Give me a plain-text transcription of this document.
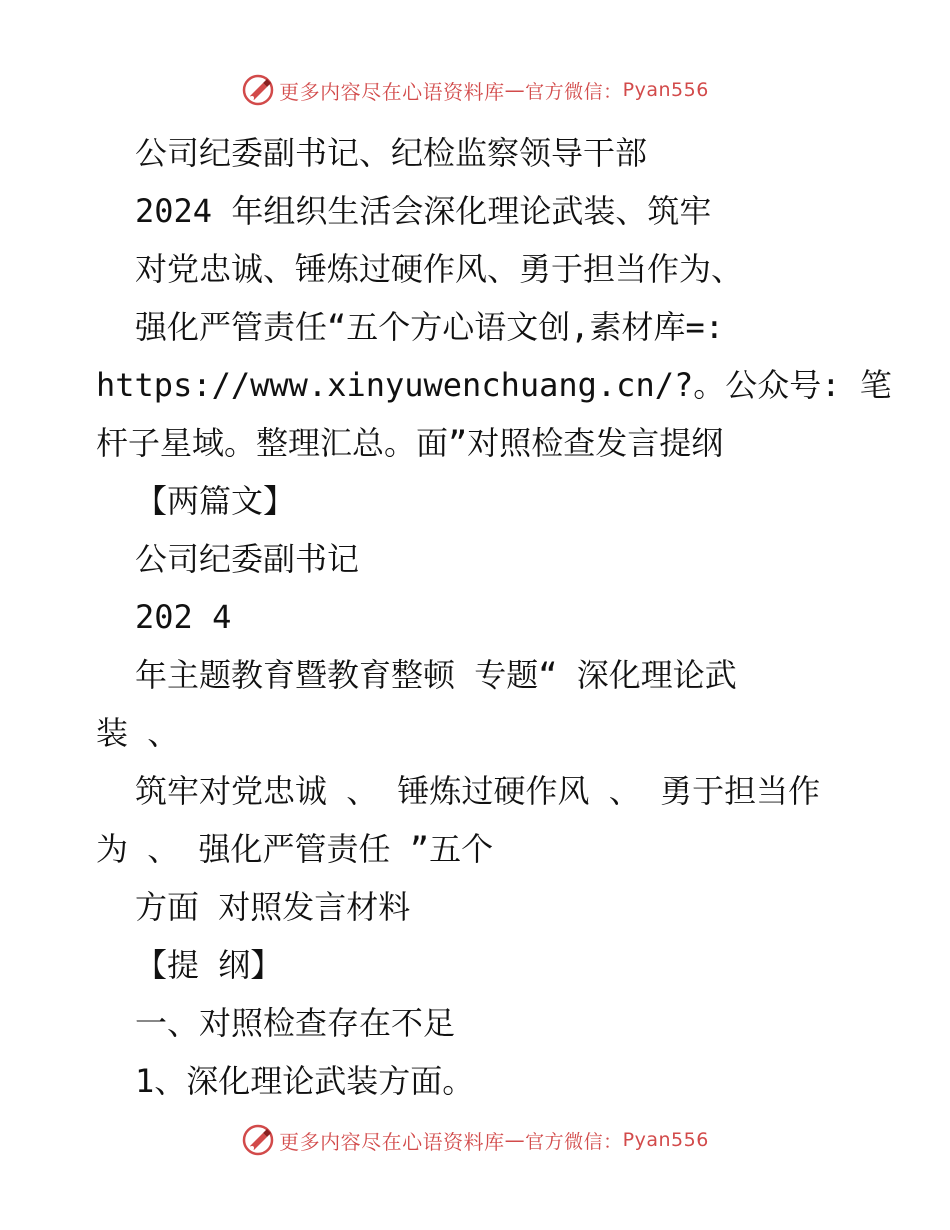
更多内容尽在心语资料库 — 官方微信： Pyan556
公司纪委副书记、纪检监察领导干部
2024 年组织生活会深化理论武装、筑牢
对党忠诚、锤炼过硬作风、勇于担当作为、
强化严管责任“五个方心语文创,素材库=:
https://www.xinyuwenchuang.cn/?。公众号: 笔
杆子星域。整理汇总。面”对照检查发言提纲
【两篇文】
公司纪委副书记
202 4
年主题教育暨教育整顿 专题“ 深化理论武
装 、
筑牢对党忠诚 、 锤炼过硬作风 、 勇于担当作
为 、 强化严管责任 ”五个
方面 对照发言材料
【提 纲】
一、对照检查存在不足
1、深化理论武装方面。
更多内容尽在心语资料库 — 官方微信： Pyan556
